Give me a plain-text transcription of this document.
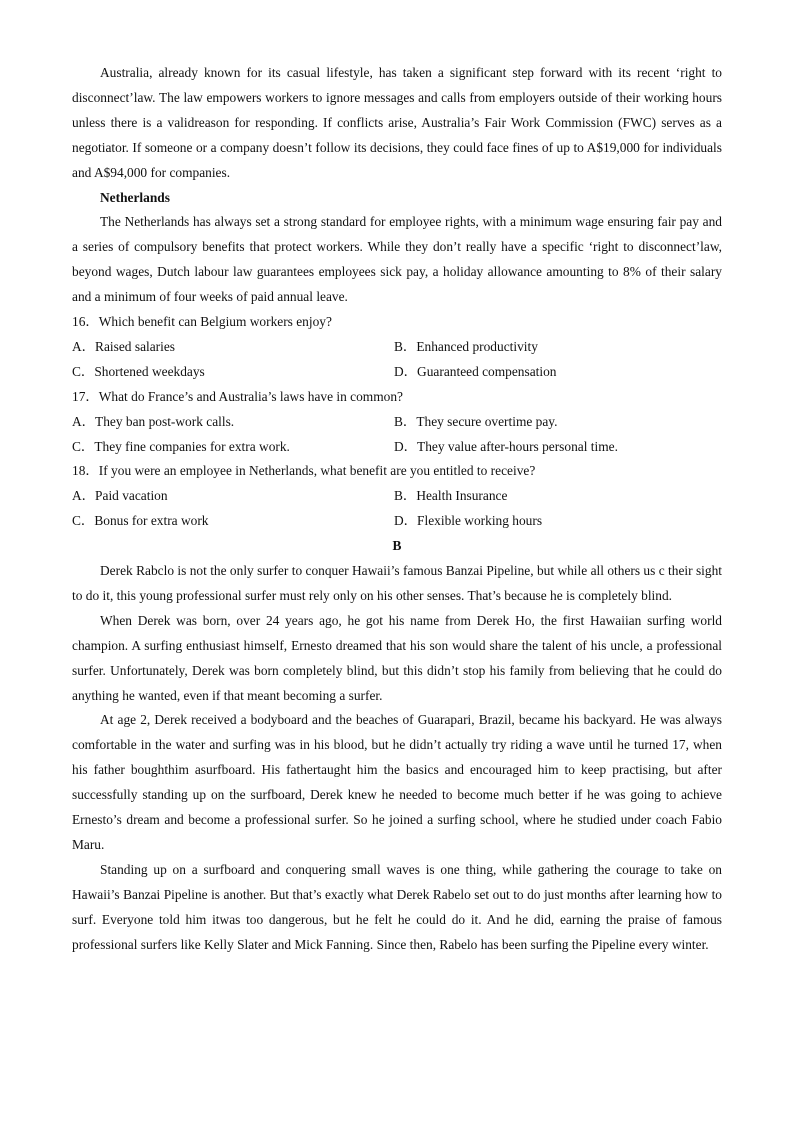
Australia, already known for its casual lifestyle, has taken a significant step forward with its recent ‘right to disconnect’law. The law empowers workers to ignore messages and calls from employers outside of their working hours unless there is a validreason for responding. If conflicts arise, Australia’s Fair Work Commission (FWC) serves as a negotiator. If someone or a company doesn’t follow its decisions, they could face fines of up to A$19,000 for individuals and A$94,000 for companies.

Netherlands

The Netherlands has always set a strong standard for employee rights, with a minimum wage ensuring fair pay and a series of compulsory benefits that protect workers. While they don’t really have a specific ‘right to disconnect’law, beyond wages, Dutch labour law guarantees employees sick pay, a holiday allowance amounting to 8% of their salary and a minimum of four weeks of paid annual leave.

16．Which benefit can Belgium workers enjoy?

A．Raised salaries	B．Enhanced productivity
C．Shortened weekdays	D．Guaranteed compensation

17．What do France’s and Australia’s laws have in common?

A．They ban post-work calls.	B．They secure overtime pay.
C．They fine companies for extra work.	D．They value after-hours personal time.

18．If you were an employee in Netherlands, what benefit are you entitled to receive?

A．Paid vacation	B．Health Insurance
C．Bonus for extra work	D．Flexible working hours

B

Derek Rabclo is not the only surfer to conquer Hawaii’s famous Banzai Pipeline, but while all others us c their sight to do it, this young professional surfer must rely only on his other senses. That’s because he is completely blind.

When Derek was born, over 24 years ago, he got his name from Derek Ho, the first Hawaiian surfing world champion. A surfing enthusiast himself, Ernesto dreamed that his son would share the talent of his uncle, a professional surfer. Unfortunately, Derek was born completely blind, but this didn’t stop his family from believing that he could do anything he wanted, even if that meant becoming a surfer.

At age 2, Derek received a bodyboard and the beaches of Guarapari, Brazil, became his backyard. He was always comfortable in the water and surfing was in his blood, but he didn’t actually try riding a wave until he turned 17, when his father boughthim asurfboard. His fathertaught him the basics and encouraged him to keep practising, but after successfully standing up on the surfboard, Derek knew he needed to become much better if he was going to achieve Ernesto’s dream and become a professional surfer. So he joined a surfing school, where he studied under coach Fabio Maru.

Standing up on a surfboard and conquering small waves is one thing, while gathering the courage to take on Hawaii’s Banzai Pipeline is another. But that’s exactly what Derek Rabelo set out to do just months after learning how to surf. Everyone told him itwas too dangerous, but he felt he could do it. And he did, earning the praise of famous professional surfers like Kelly Slater and Mick Fanning. Since then, Rabelo has been surfing the Pipeline every winter.
